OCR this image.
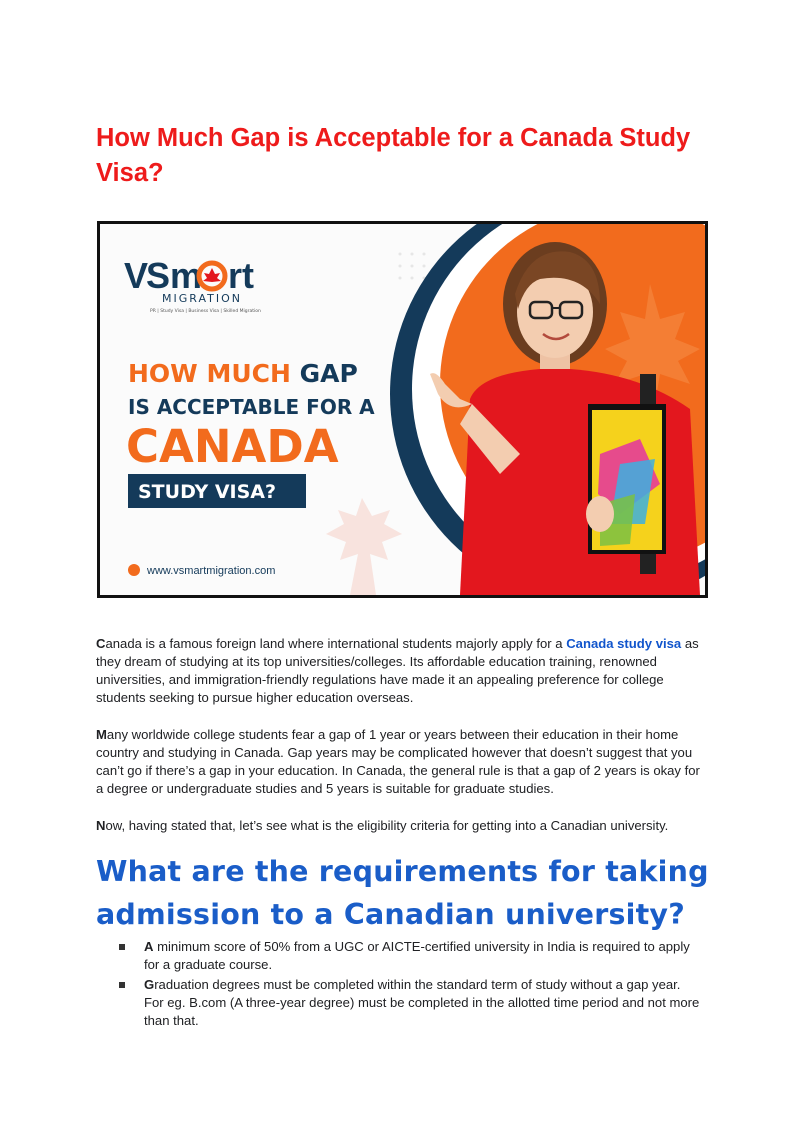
How Much Gap is Acceptable for a Canada Study Visa?
V
Sm rt
MIGRATION
PR | Study Visa | Business Visa | Skilled Migration
HOW MUCH GAP
IS ACCEPTABLE FOR A
CANADA
STUDY VISA?
www.vsmartmigration.com

Canada is a famous foreign land where international students majorly apply for a Canada study visa as they dream of studying at its top universities/colleges. Its affordable education training, renowned universities, and immigration-friendly regulations have made it an appealing preference for college students seeking to pursue higher education overseas.

Many worldwide college students fear a gap of 1 year or years between their education in their home country and studying in Canada. Gap years may be complicated however that doesn’t suggest that you can’t go if there’s a gap in your education. In Canada, the general rule is that a gap of 2 years is okay for a degree or undergraduate studies and 5 years is suitable for graduate studies.

Now, having stated that, let’s see what is the eligibility criteria for getting into a Canadian university.

What are the requirements for taking admission to a Canadian university?
A minimum score of 50% from a UGC or AICTE-certified university in India is required to apply for a graduate course.
Graduation degrees must be completed within the standard term of study without a gap year. For eg. B.com (A three-year degree) must be completed in the allotted time period and not more than that.
